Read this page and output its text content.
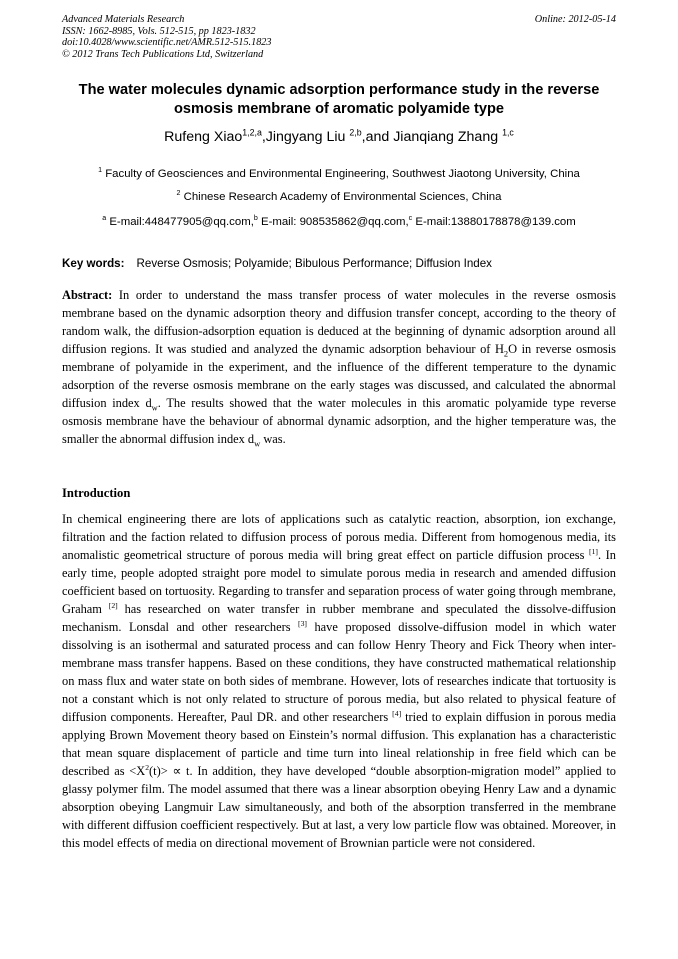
Advanced Materials Research
ISSN: 1662-8985, Vols. 512-515, pp 1823-1832
doi:10.4028/www.scientific.net/AMR.512-515.1823
© 2012 Trans Tech Publications Ltd, Switzerland
Online: 2012-05-14
The water molecules dynamic adsorption performance study in the reverse osmosis membrane of aromatic polyamide type
Rufeng Xiao$^{1,2,a}$,Jingyang Liu $^{2,b}$,and Jianqiang Zhang $^{1,c}$
$^1$ Faculty of Geosciences and Environmental Engineering, Southwest Jiaotong University, China
$^2$ Chinese Research Academy of Environmental Sciences, China
$^a$ E-mail:448477905@qq.com,$^b$ E-mail: 908535862@qq.com,$^c$ E-mail:13880178878@139.com
Key words: Reverse Osmosis; Polyamide; Bibulous Performance; Diffusion Index
Abstract: In order to understand the mass transfer process of water molecules in the reverse osmosis membrane based on the dynamic adsorption theory and diffusion transfer concept, according to the theory of random walk, the diffusion-adsorption equation is deduced at the beginning of dynamic adsorption around all diffusion regions. It was studied and analyzed the dynamic adsorption behaviour of $H_2O$ in reverse osmosis membrane of polyamide in the experiment, and the influence of the different temperature to the dynamic adsorption of the reverse osmosis membrane on the early stages was discussed, and calculated the abnormal diffusion index $d_w$. The results showed that the water molecules in this aromatic polyamide type reverse osmosis membrane have the behaviour of abnormal dynamic adsorption, and the higher temperature was, the smaller the abnormal diffusion index $d_w$ was.
Introduction
In chemical engineering there are lots of applications such as catalytic reaction, absorption, ion exchange, filtration and the faction related to diffusion process of porous media. Different from homogenous media, its anomalistic geometrical structure of porous media will bring great effect on particle diffusion process [1]. In early time, people adopted straight pore model to simulate porous media in research and amended diffusion coefficient based on tortuosity. Regarding to transfer and separation process of water going through membrane, Graham [2] has researched on water transfer in rubber membrane and speculated the dissolve-diffusion mechanism. Lonsdal and other researchers [3] have proposed dissolve-diffusion model in which water dissolving is an isothermal and saturated process and can follow Henry Theory and Fick Theory when inter-membrane mass transfer happens. Based on these conditions, they have constructed mathematical relationship on mass flux and water state on both sides of membrane. However, lots of researches indicate that tortuosity is not a constant which is not only related to structure of porous media, but also related to physical feature of diffusion components. Hereafter, Paul DR. and other researchers [4] tried to explain diffusion in porous media applying Brown Movement theory based on Einstein’s normal diffusion. This explanation has a characteristic that mean square displacement of particle and time turn into lineal relationship in free field which can be described as $<X^2(t)> \propto t$. In addition, they have developed “double absorption-migration model” applied to glassy polymer film. The model assumed that there was a linear absorption obeying Henry Law and a dynamic absorption obeying Langmuir Law simultaneously, and both of the absorption transferred in the membrane with different diffusion coefficient respectively. But at last, a very low particle flow was obtained. Moreover, in this model effects of media on directional movement of Brownian particle were not considered.
